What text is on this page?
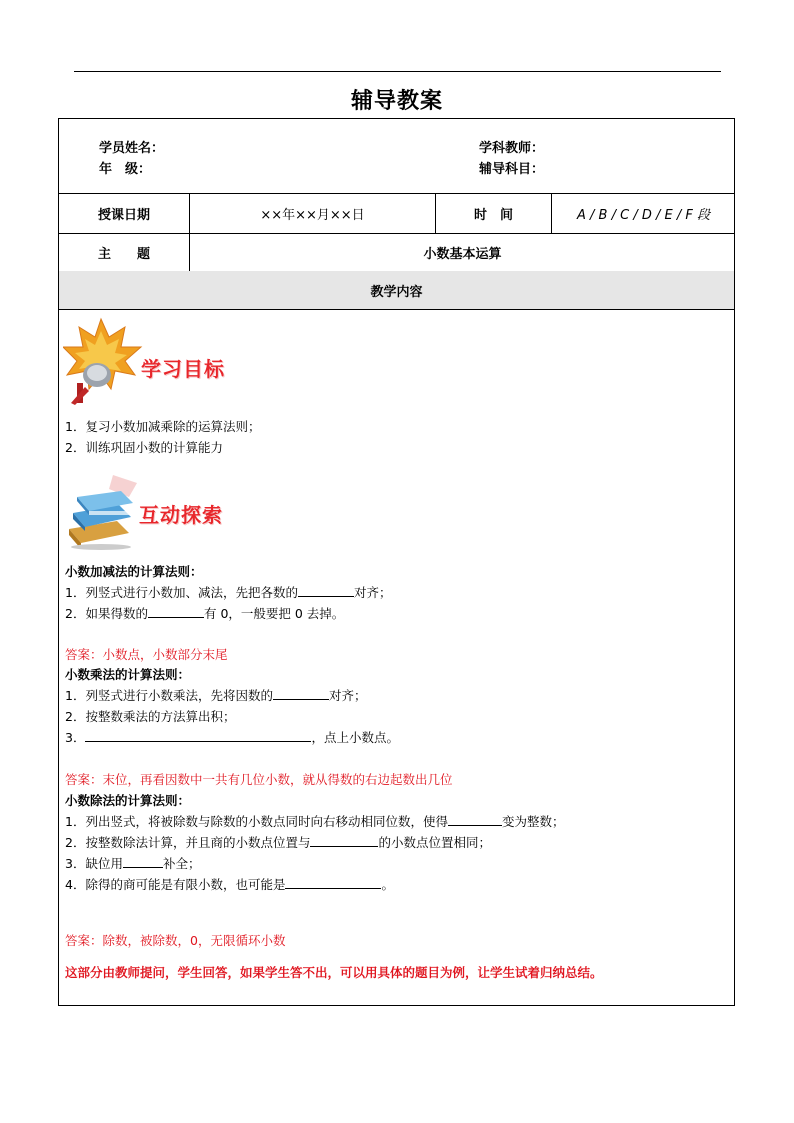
辅导教案
学员姓名：
年　级：
学科教师：
辅导科目：
授课日期	××年××月××日	时　间	A / B / C / D / E / F 段
主　　题	小数基本运算
教学内容
学习目标
1．复习小数加减乘除的运算法则；
2．训练巩固小数的计算能力
互动探索
小数加减法的计算法则：
1．列竖式进行小数加、减法，先把各数的	对齐；
2．如果得数的	有 0，一般要把 0 去掉。
答案：小数点，小数部分末尾
小数乘法的计算法则：
1．列竖式进行小数乘法，先将因数的	对齐；
2．按整数乘法的方法算出积；
3．	，点上小数点。
答案：末位，再看因数中一共有几位小数，就从得数的右边起数出几位
小数除法的计算法则：
1．列出竖式，将被除数与除数的小数点同时向右移动相同位数，使得	变为整数；
2．按整数除法计算，并且商的小数点位置与	的小数点位置相同；
3．缺位用	补全；
4．除得的商可能是有限小数，也可能是	。
答案：除数，被除数，0，无限循环小数
这部分由教师提问，学生回答，如果学生答不出，可以用具体的题目为例，让学生试着归纳总结。
